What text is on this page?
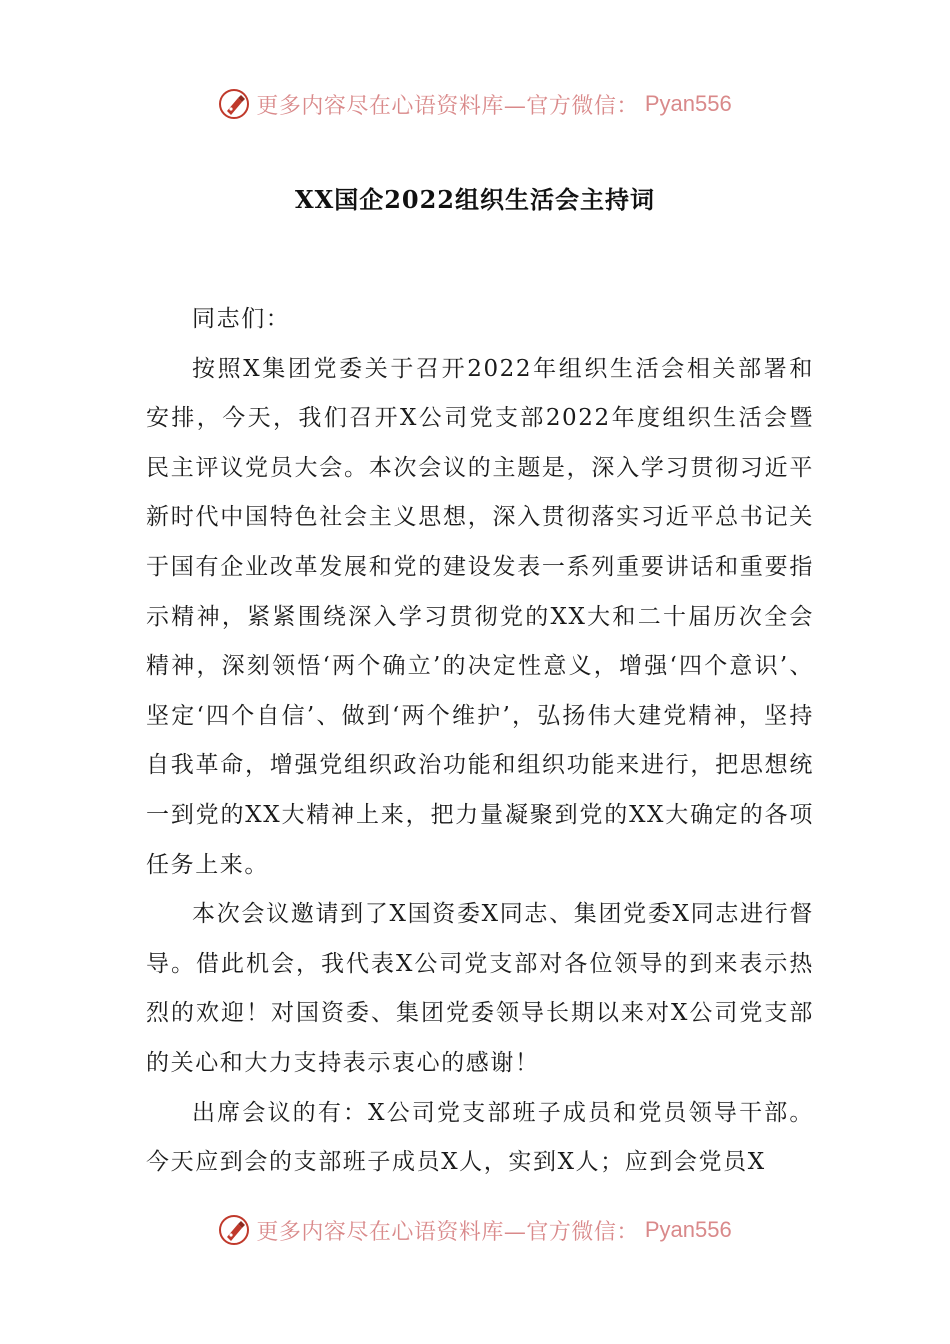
更多内容尽在心语资料库—官方微信： Pyan556
XX国企2022组织生活会主持词

同志们：

按照X集团党委关于召开2022年组织生活会相关部署和安排，今天，我们召开X公司党支部2022年度组织生活会暨民主评议党员大会。本次会议的主题是，深入学习贯彻习近平新时代中国特色社会主义思想，深入贯彻落实习近平总书记关于国有企业改革发展和党的建设发表一系列重要讲话和重要指示精神，紧紧围绕深入学习贯彻党的XX大和二十届历次全会精神，深刻领悟‘两个确立’的决定性意义，增强‘四个意识’、坚定‘四个自信’、做到‘两个维护’，弘扬伟大建党精神，坚持自我革命，增强党组织政治功能和组织功能来进行，把思想统一到党的XX大精神上来，把力量凝聚到党的XX大确定的各项任务上来。

本次会议邀请到了X国资委X同志、集团党委X同志进行督导。借此机会，我代表X公司党支部对各位领导的到来表示热烈的欢迎！对国资委、集团党委领导长期以来对X公司党支部的关心和大力支持表示衷心的感谢！

出席会议的有：X公司党支部班子成员和党员领导干部。今天应到会的支部班子成员X人，实到X人；应到会党员X

更多内容尽在心语资料库—官方微信： Pyan556
